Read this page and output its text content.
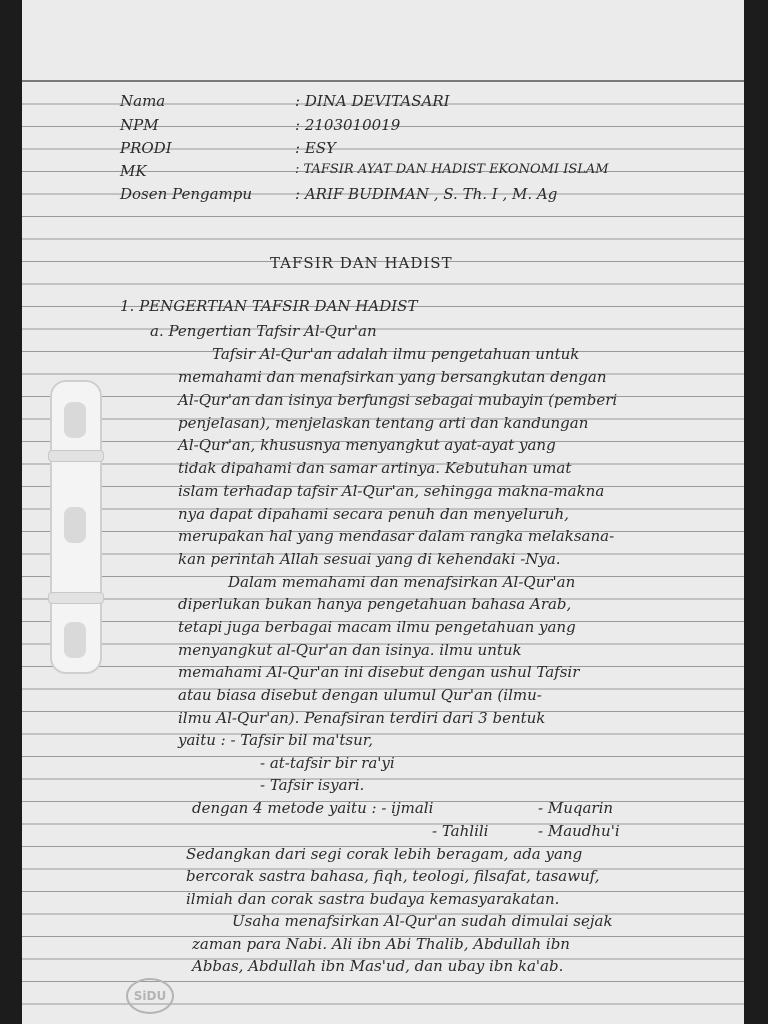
Nama
NPM
PRODI
MK
Dosen Pengampu
: DINA DEVITASARI
: 2103010019
: ESY
: TAFSIR AYAT DAN HADIST EKONOMI ISLAM
: ARIF BUDIMAN , S. Th. I , M. Ag
TAFSIR DAN HADIST
1. PENGERTIAN TAFSIR DAN HADIST
a. Pengertian Tafsir Al-Qur'an
Tafsir Al-Qur'an adalah ilmu pengetahuan untuk
memahami dan menafsirkan yang bersangkutan dengan
Al-Qur'an dan isinya berfungsi sebagai mubayin (pemberi
penjelasan), menjelaskan tentang arti dan kandungan
Al-Qur'an, khususnya menyangkut ayat-ayat yang
tidak dipahami dan samar artinya. Kebutuhan umat
islam terhadap tafsir Al-Qur'an, sehingga makna-makna
nya dapat dipahami secara penuh dan menyeluruh,
merupakan hal yang mendasar dalam rangka melaksana-
kan perintah Allah sesuai yang di kehendaki -Nya.
Dalam memahami dan menafsirkan Al-Qur'an
diperlukan bukan hanya pengetahuan bahasa Arab,
tetapi juga berbagai macam ilmu pengetahuan yang
menyangkut al-Qur'an dan isinya. ilmu untuk
memahami Al-Qur'an ini disebut dengan ushul Tafsir
atau biasa disebut dengan ulumul Qur'an (ilmu-
ilmu Al-Qur'an). Penafsiran terdiri dari 3 bentuk
yaitu : - Tafsir bil ma'tsur,
- at-tafsir bir ra'yi
- Tafsir isyari.
dengan 4 metode yaitu : - ijmali	- Muqarin
- Tahlili	- Maudhu'i
Sedangkan dari segi corak lebih beragam, ada yang
bercorak sastra bahasa, fiqh, teologi, filsafat, tasawuf,
ilmiah dan corak sastra budaya kemasyarakatan.
Usaha menafsirkan Al-Qur'an sudah dimulai sejak
zaman para Nabi. Ali ibn Abi Thalib, Abdullah ibn
Abbas, Abdullah ibn Mas'ud, dan ubay ibn ka'ab.
SiDU
